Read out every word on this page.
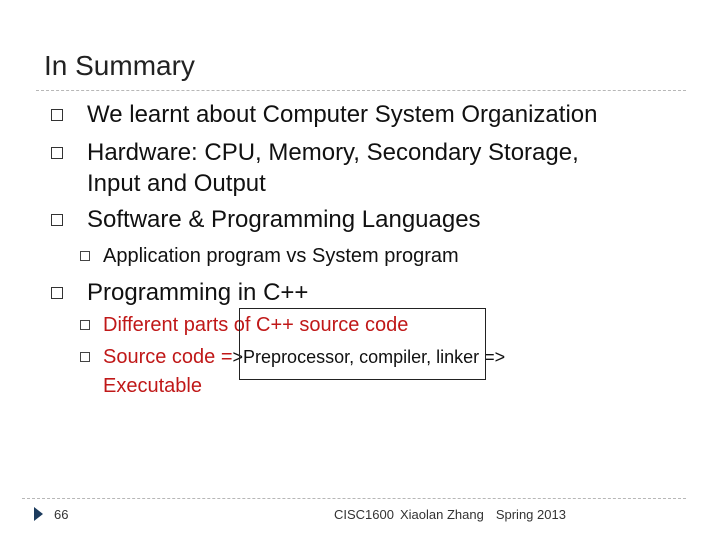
In Summary
We learnt about Computer System Organization
Hardware: CPU, Memory, Secondary Storage,
Input and Output
Software & Programming Languages
Application program vs System program
Programming in C++
Different parts of C++ source code
Source code =>Preprocessor, compiler, linker =>
Executable
66	CISC1600 Xiaolan Zhang Spring 2013
